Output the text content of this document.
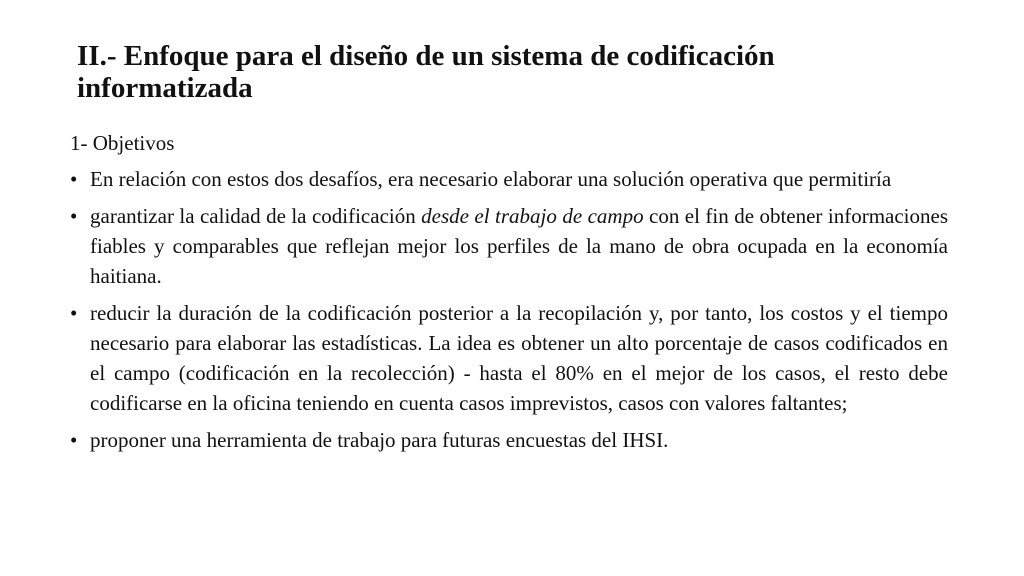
II.- Enfoque para el diseño de un sistema de codificación informatizada
1- Objetivos
• En relación con estos dos desafíos, era necesario elaborar una solución operativa que permitiría
• garantizar la calidad de la codificación desde el trabajo de campo con el fin de obtener informaciones fiables y comparables que reflejan mejor los perfiles de la mano de obra ocupada en la economía haitiana.
• reducir la duración de la codificación posterior a la recopilación y, por tanto, los costos y el tiempo necesario para elaborar las estadísticas. La idea es obtener un alto porcentaje de casos codificados en el campo (codificación en la recolección) - hasta el 80% en el mejor de los casos, el resto debe codificarse en la oficina teniendo en cuenta casos imprevistos, casos con valores faltantes;
• proponer una herramienta de trabajo para futuras encuestas del IHSI.
